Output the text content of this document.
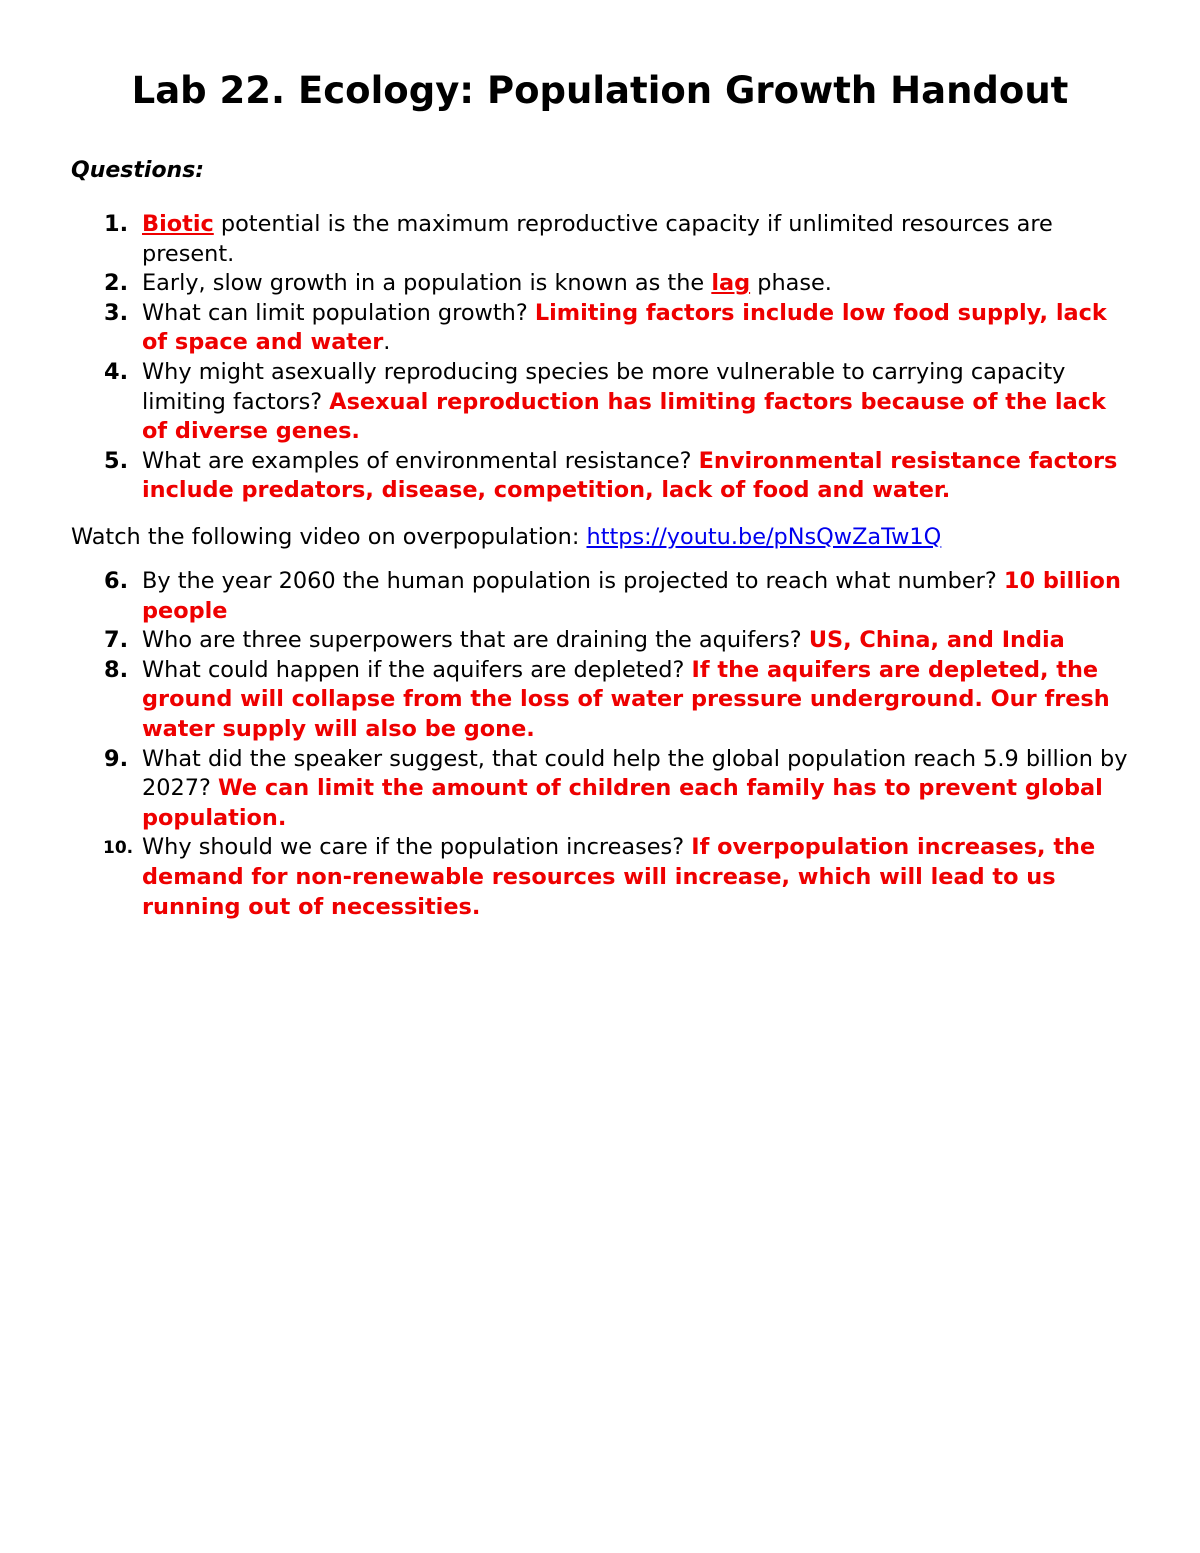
Lab 22. Ecology: Population Growth Handout
Questions:
1. Biotic potential is the maximum reproductive capacity if unlimited resources are present.
2. Early, slow growth in a population is known as the lag phase.
3. What can limit population growth? Limiting factors include low food supply, lack of space and water.
4. Why might asexually reproducing species be more vulnerable to carrying capacity limiting factors? Asexual reproduction has limiting factors because of the lack of diverse genes.
5. What are examples of environmental resistance? Environmental resistance factors include predators, disease, competition, lack of food and water.
Watch the following video on overpopulation: https://youtu.be/pNsQwZaTw1Q
6. By the year 2060 the human population is projected to reach what number? 10 billion people
7. Who are three superpowers that are draining the aquifers? US, China, and India
8. What could happen if the aquifers are depleted? If the aquifers are depleted, the ground will collapse from the loss of water pressure underground. Our fresh water supply will also be gone.
9. What did the speaker suggest, that could help the global population reach 5.9 billion by 2027? We can limit the amount of children each family has to prevent global population.
10. Why should we care if the population increases? If overpopulation increases, the demand for non-renewable resources will increase, which will lead to us running out of necessities.
